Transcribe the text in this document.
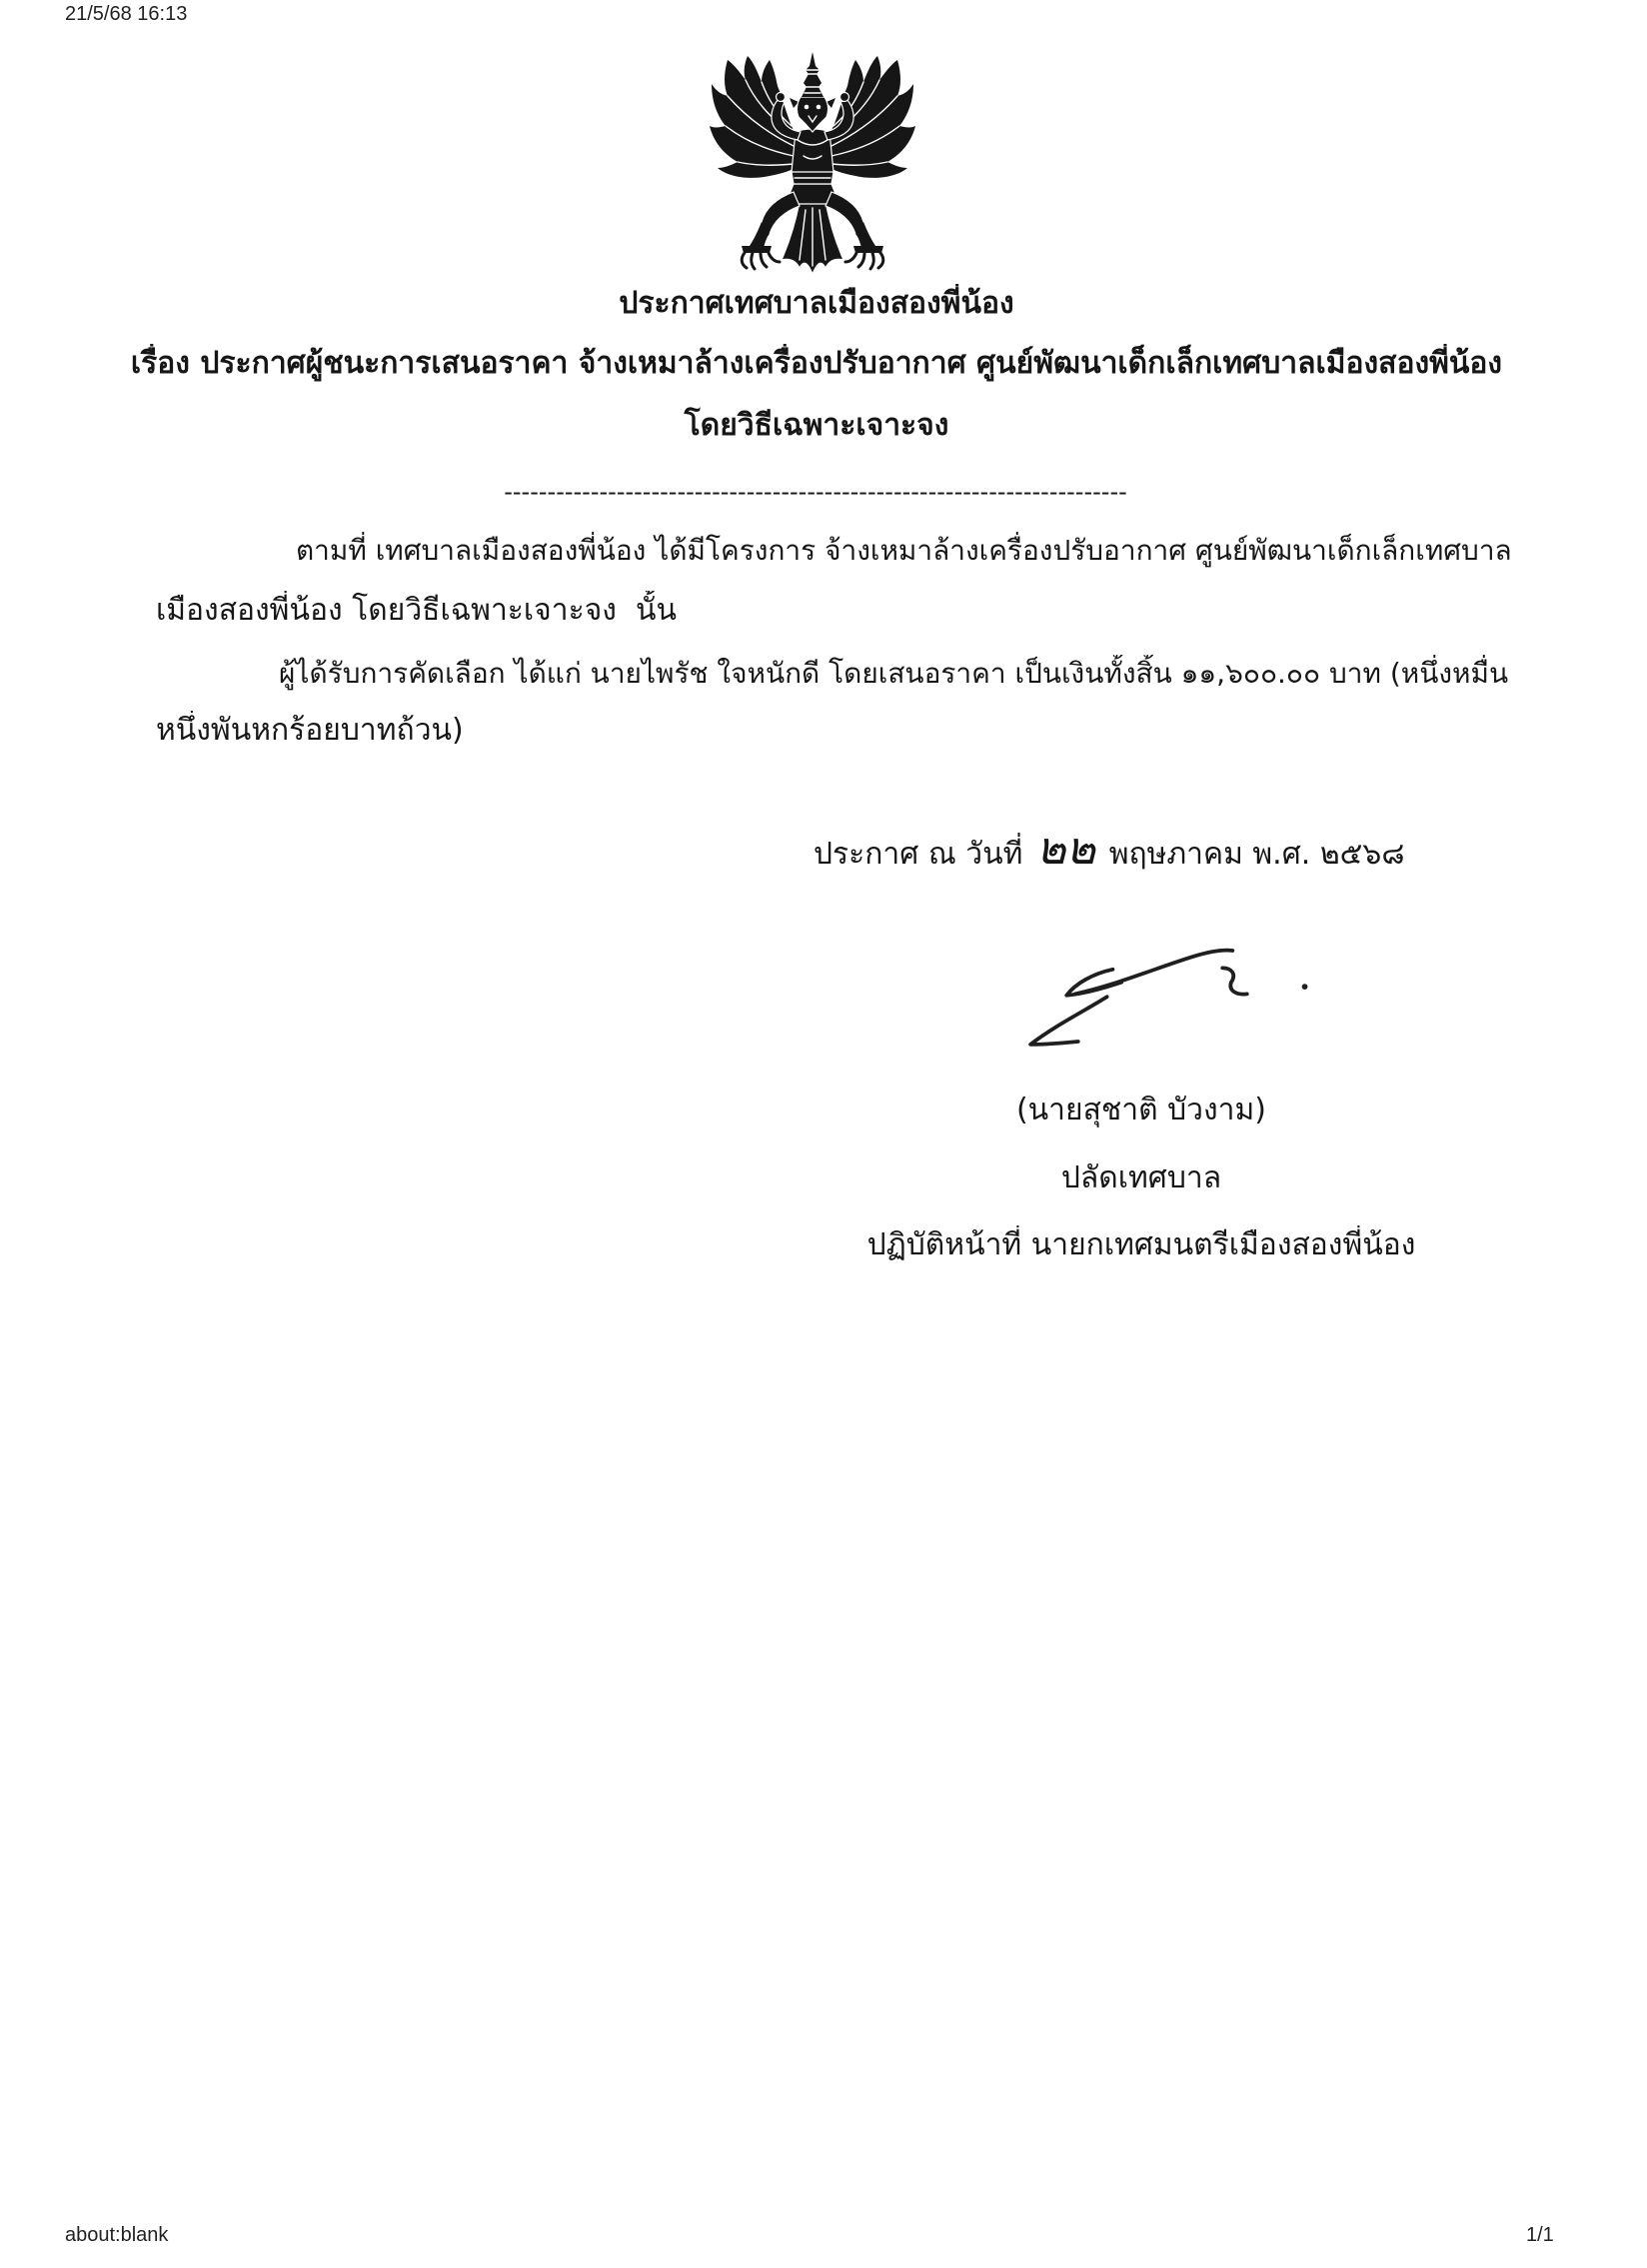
21/5/68 16:13
ประกาศเทศบาลเมืองสองพี่น้อง
เรื่อง ประกาศผู้ชนะการเสนอราคา จ้างเหมาล้างเครื่องปรับอากาศ ศูนย์พัฒนาเด็กเล็กเทศบาลเมืองสองพี่น้อง
โดยวิธีเฉพาะเจาะจง
------------------------------------------------------------------------
ตามที่ เทศบาลเมืองสองพี่น้อง ได้มีโครงการ จ้างเหมาล้างเครื่องปรับอากาศ ศูนย์พัฒนาเด็กเล็กเทศบาล
เมืองสองพี่น้อง โดยวิธีเฉพาะเจาะจง  นั้น
ผู้ได้รับการคัดเลือก ได้แก่ นายไพรัช ใจหนักดี โดยเสนอราคา เป็นเงินทั้งสิ้น ๑๑,๖๐๐.๐๐ บาท (หนึ่งหมื่น
หนึ่งพันหกร้อยบาทถ้วน)
ประกาศ ณ วันที่ ๒๒ พฤษภาคม พ.ศ. ๒๕๖๘
(นายสุชาติ บัวงาม)
ปลัดเทศบาล
ปฏิบัติหน้าที่ นายกเทศมนตรีเมืองสองพี่น้อง
about:blank	1/1
